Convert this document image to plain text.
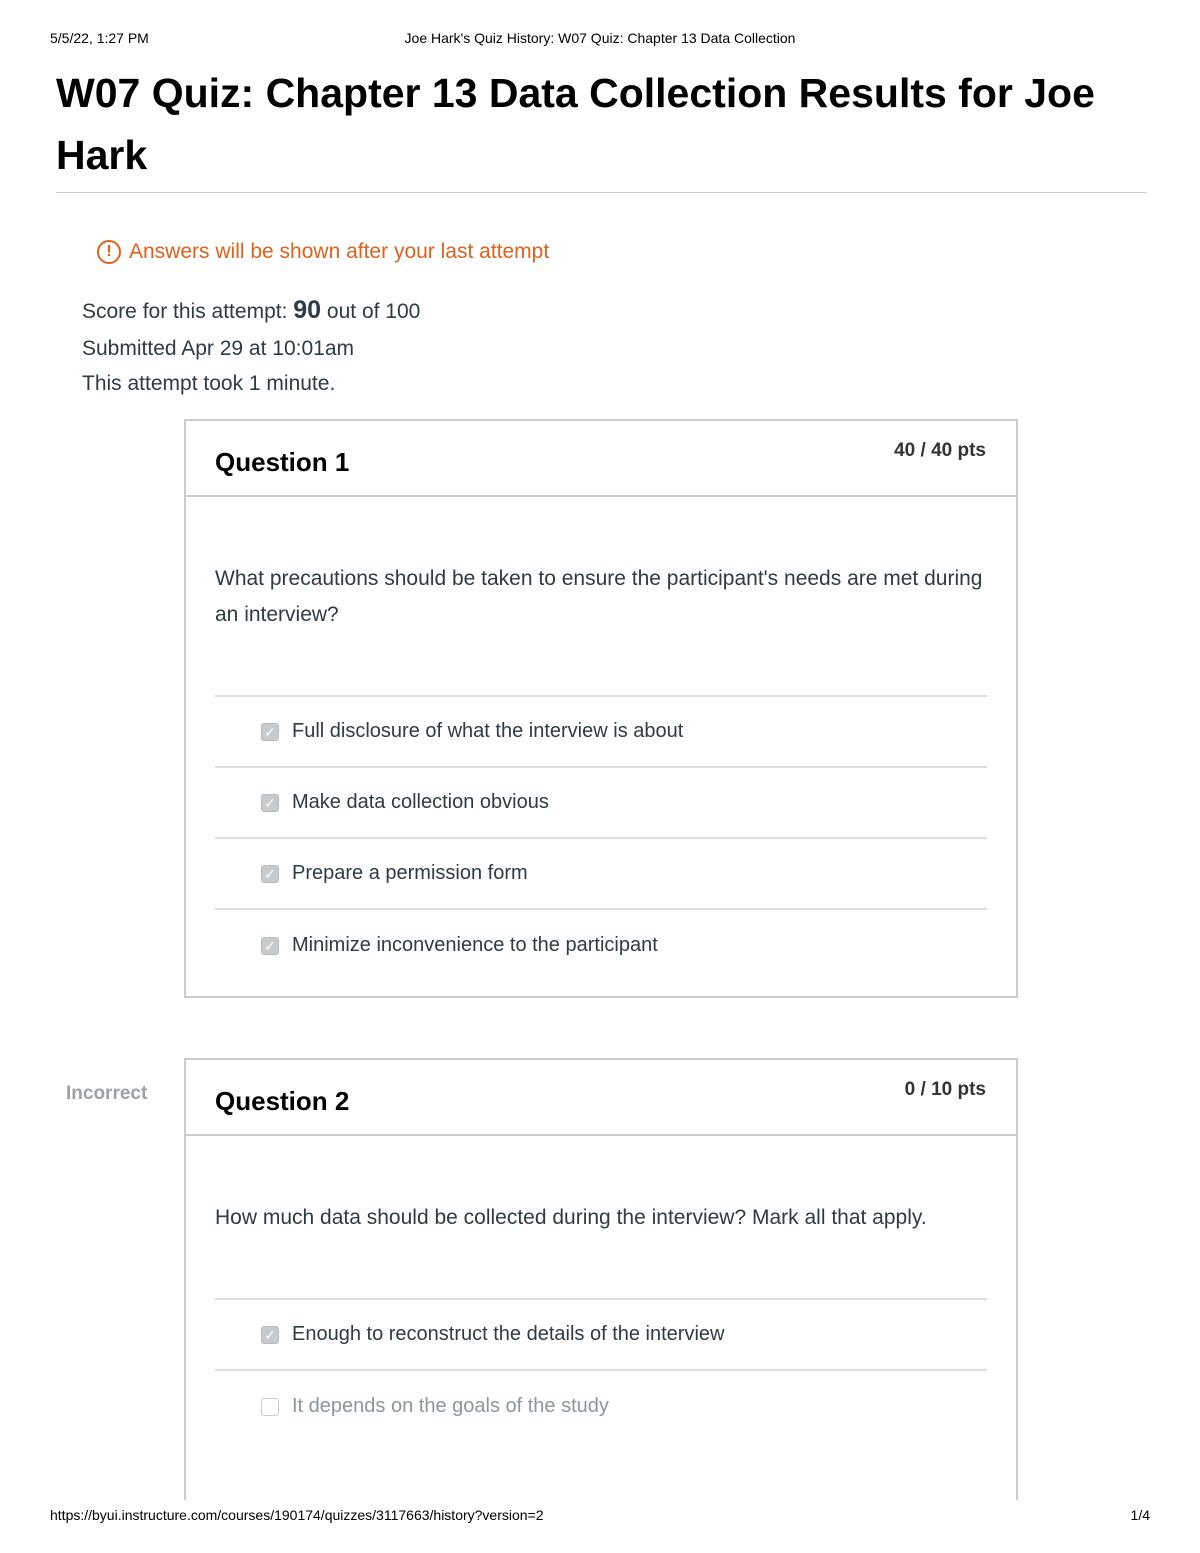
5/5/22, 1:27 PM	Joe Hark's Quiz History: W07 Quiz: Chapter 13 Data Collection
W07 Quiz: Chapter 13 Data Collection Results for Joe Hark
! Answers will be shown after your last attempt
Score for this attempt: 90 out of 100
Submitted Apr 29 at 10:01am
This attempt took 1 minute.
Question 1	40 / 40 pts
What precautions should be taken to ensure the participant's needs are met during an interview?
✓ Full disclosure of what the interview is about
✓ Make data collection obvious
✓ Prepare a permission form
✓ Minimize inconvenience to the participant
Incorrect	Question 2	0 / 10 pts
How much data should be collected during the interview? Mark all that apply.
✓ Enough to reconstruct the details of the interview
It depends on the goals of the study
https://byui.instructure.com/courses/190174/quizzes/3117663/history?version=2	1/4
